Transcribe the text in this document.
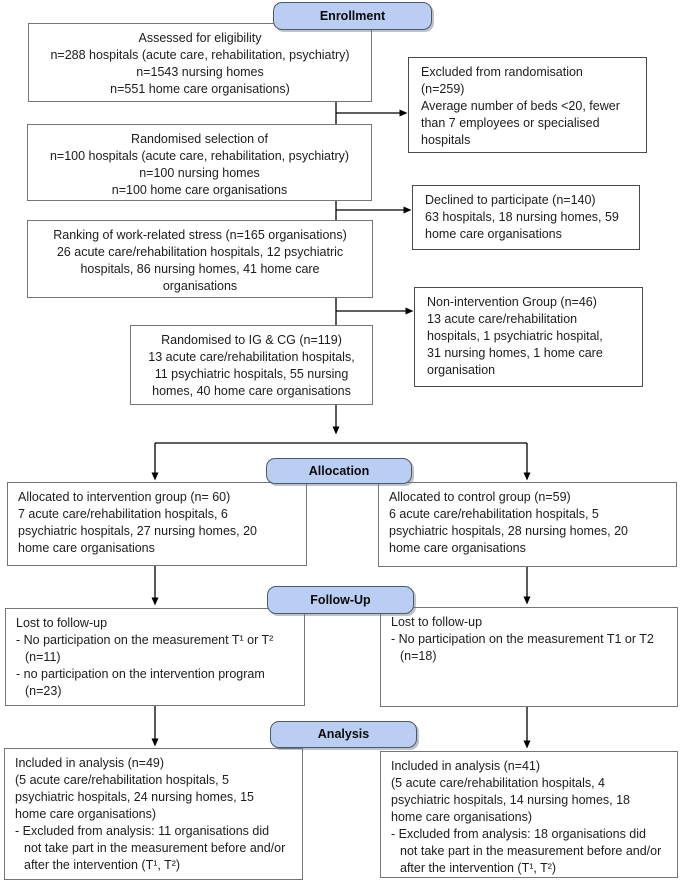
Assessed for eligibility
n=288 hospitals (acute care, rehabilitation, psychiatry)
n=1543 nursing homes
n=551 home care organisations)
Excluded from randomisation
(n=259)
Average number of beds <20, fewer
than 7 employees or specialised
hospitals
Randomised selection of
n=100 hospitals (acute care, rehabilitation, psychiatry)
n=100 nursing homes
n=100 home care organisations
Declined to participate (n=140)
63 hospitals, 18 nursing homes, 59
home care organisations
Ranking of work-related stress (n=165 organisations)
26 acute care/rehabilitation hospitals, 12 psychiatric
hospitals, 86 nursing homes, 41 home care
organisations
Non-intervention Group (n=46)
13 acute care/rehabilitation
hospitals, 1 psychiatric hospital,
31 nursing homes, 1 home care
organisation
Randomised to IG & CG (n=119)
13 acute care/rehabilitation hospitals,
11 psychiatric hospitals, 55 nursing
homes, 40 home care organisations
Allocated to intervention group (n= 60)
7 acute care/rehabilitation hospitals, 6
psychiatric hospitals, 27 nursing homes, 20
home care organisations
Allocated to control group (n=59)
6 acute care/rehabilitation hospitals, 5
psychiatric hospitals, 28 nursing homes, 20
home care organisations
Lost to follow-up
- No participation on the measurement T¹ or T²
(n=11)
- no participation on the intervention program
(n=23)
Lost to follow-up
- No participation on the measurement T1 or T2
(n=18)
Included in analysis (n=49)
(5 acute care/rehabilitation hospitals, 5
psychiatric hospitals, 24 nursing homes, 15
home care organisations)
- Excluded from analysis: 11 organisations did
not take part in the measurement before and/or
after the intervention (T¹, T²)
Included in analysis (n=41)
(5 acute care/rehabilitation hospitals, 4
psychiatric hospitals, 14 nursing homes, 18
home care organisations)
- Excluded from analysis: 18 organisations did
not take part in the measurement before and/or
after the intervention (T¹, T²)
Enrollment
Allocation
Follow-Up
Analysis
